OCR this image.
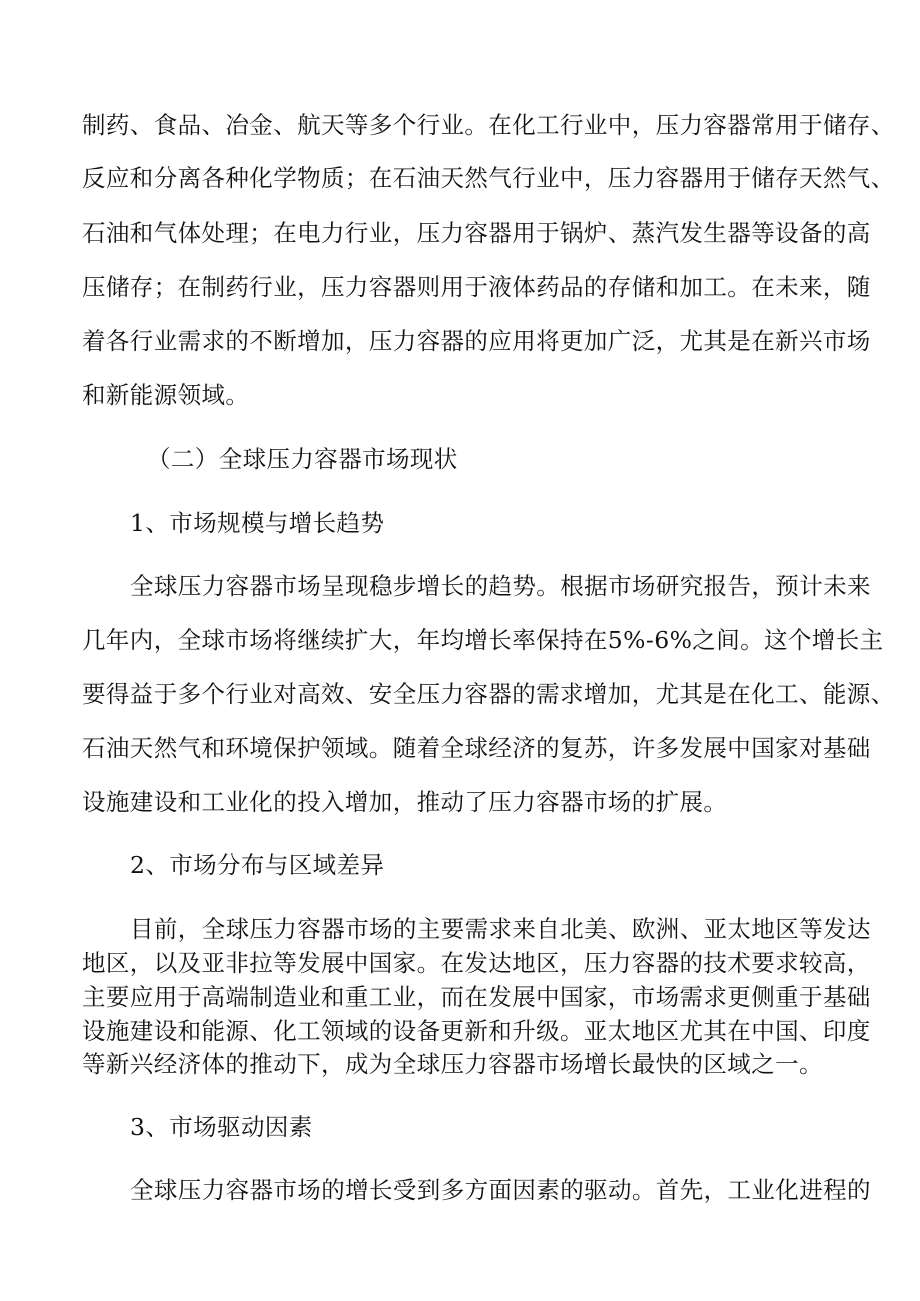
制药、食品、冶金、航天等多个行业。在化工行业中，压力容器常用于储存、
反应和分离各种化学物质；在石油天然气行业中，压力容器用于储存天然气、
石油和气体处理；在电力行业，压力容器用于锅炉、蒸汽发生器等设备的高
压储存；在制药行业，压力容器则用于液体药品的存储和加工。在未来，随
着各行业需求的不断增加，压力容器的应用将更加广泛，尤其是在新兴市场
和新能源领域。
（二）全球压力容器市场现状
1、市场规模与增长趋势
全球压力容器市场呈现稳步增长的趋势。根据市场研究报告，预计未来
几年内，全球市场将继续扩大，年均增长率保持在5%-6%之间。这个增长主
要得益于多个行业对高效、安全压力容器的需求增加，尤其是在化工、能源、
石油天然气和环境保护领域。随着全球经济的复苏，许多发展中国家对基础
设施建设和工业化的投入增加，推动了压力容器市场的扩展。
2、市场分布与区域差异
目前，全球压力容器市场的主要需求来自北美、欧洲、亚太地区等发达
地区，以及亚非拉等发展中国家。在发达地区，压力容器的技术要求较高，
主要应用于高端制造业和重工业，而在发展中国家，市场需求更侧重于基础
设施建设和能源、化工领域的设备更新和升级。亚太地区尤其在中国、印度
等新兴经济体的推动下，成为全球压力容器市场增长最快的区域之一。
3、市场驱动因素
全球压力容器市场的增长受到多方面因素的驱动。首先，工业化进程的
